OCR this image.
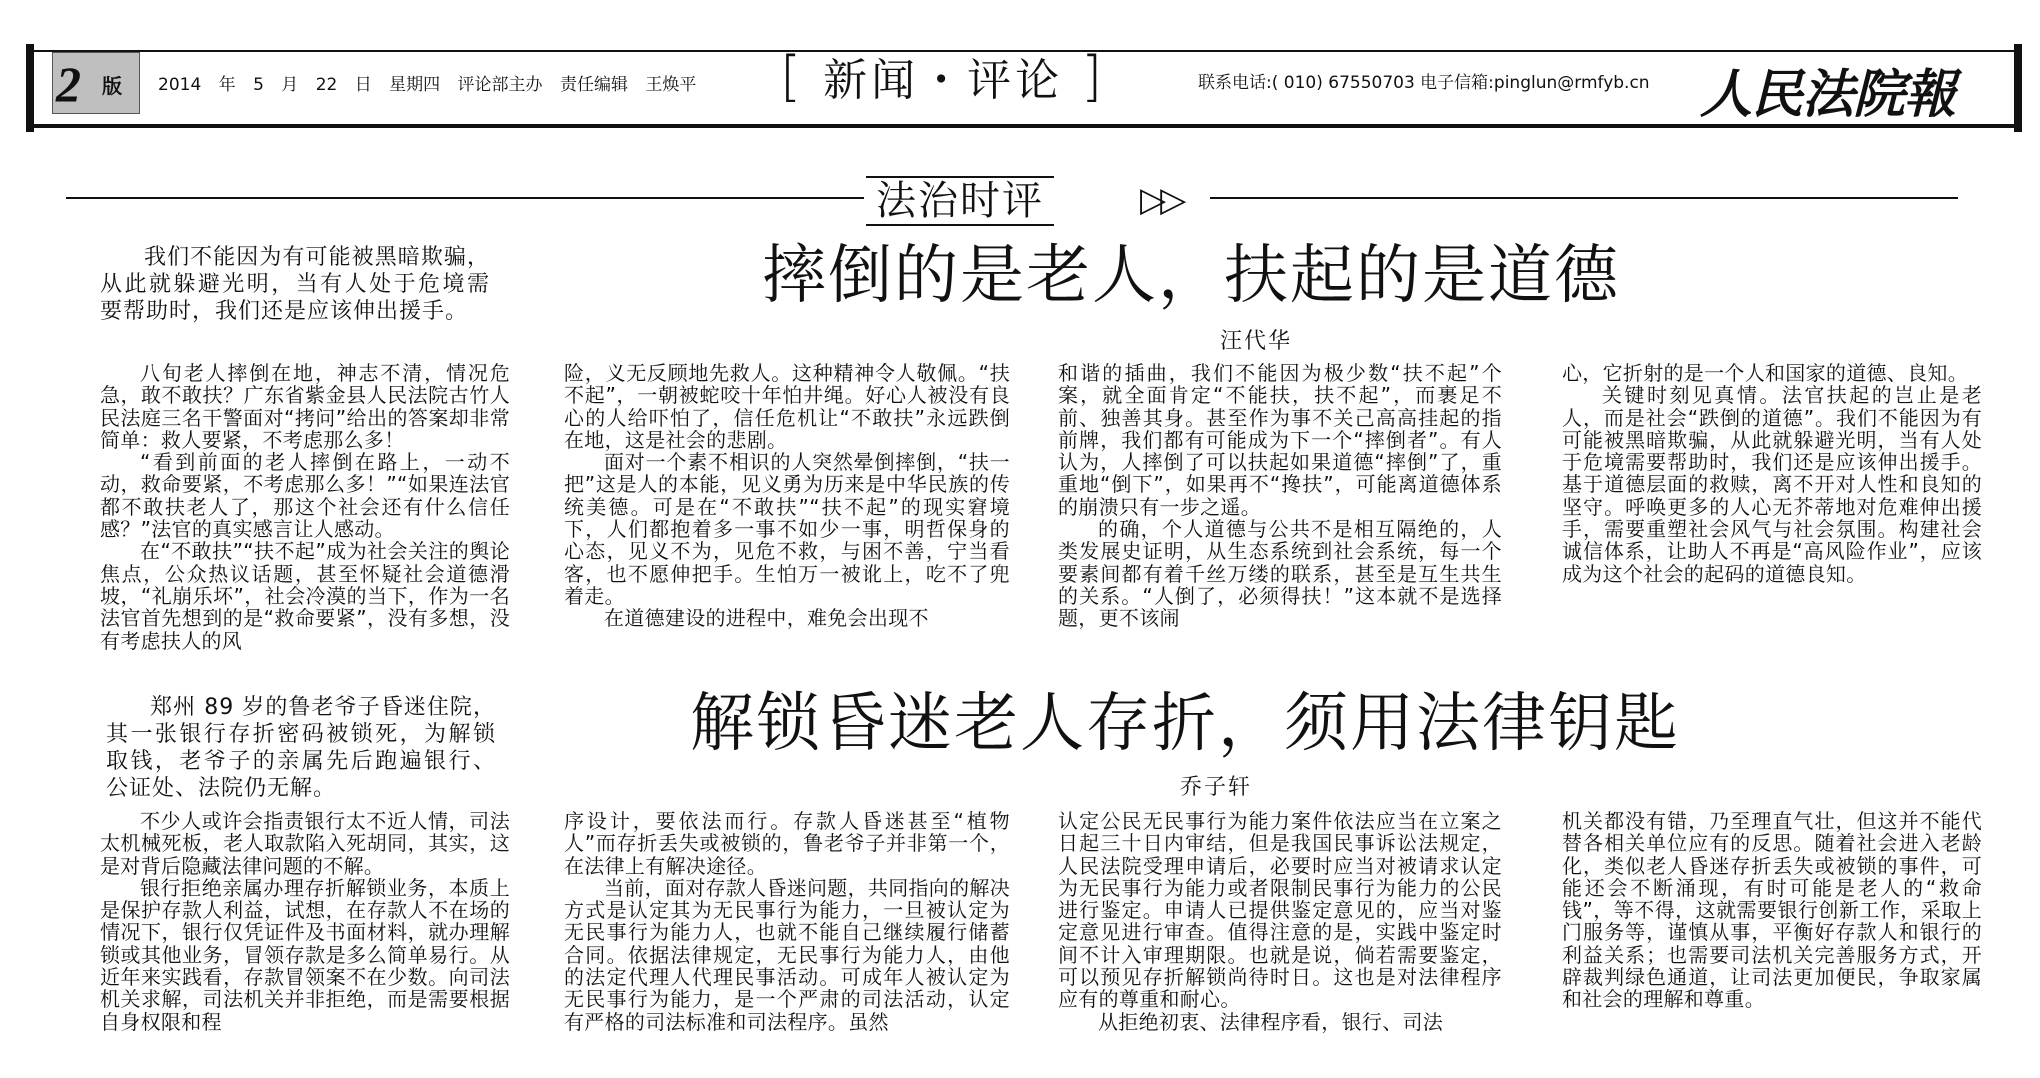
2 版 2014 年 5 月 22 日 星期四 评论部主办 责任编辑 王焕平 [ 新闻・评论 ]	联系电话:( 010) 67550703 电子信箱:pinglun@rmfyb.cn 人民法院報
法治时评	▷▷
我们不能因为有可能被黑暗欺骗，从此就躲避光明，当有人处于危境需要帮助时，我们还是应该伸出援手。	摔倒的是老人，扶起的是道德
汪代华

八旬老人摔倒在地，神志不清，情况危急，敢不敢扶？广东省紫金县人民法院古竹人民法庭三名干警面对“拷问”给出的答案却非常简单：救人要紧，不考虑那么多！

“看到前面的老人摔倒在路上，一动不动，救命要紧，不考虑那么多！”“如果连法官都不敢扶老人了，那这个社会还有什么信任感？”法官的真实感言让人感动。

在“不敢扶”“扶不起”成为社会关注的舆论焦点，公众热议话题，甚至怀疑社会道德滑坡，“礼崩乐坏”，社会冷漠的当下，作为一名法官首先想到的是“救命要紧”，没有多想，没有考虑扶人的风

险，义无反顾地先救人。这种精神令人敬佩。“扶不起”，一朝被蛇咬十年怕井绳。好心人被没有良心的人给吓怕了，信任危机让“不敢扶”永远跌倒在地，这是社会的悲剧。

面对一个素不相识的人突然晕倒摔倒，“扶一把”这是人的本能，见义勇为历来是中华民族的传统美德。可是在“不敢扶”“扶不起”的现实窘境下，人们都抱着多一事不如少一事，明哲保身的心态，见义不为，见危不救，与困不善，宁当看客，也不愿伸把手。生怕万一被讹上，吃不了兜着走。

在道德建设的进程中，难免会出现不

和谐的插曲，我们不能因为极少数“扶不起”个案，就全面肯定“不能扶，扶不起”，而裹足不前、独善其身。甚至作为事不关己高高挂起的指前牌，我们都有可能成为下一个“摔倒者”。有人认为，人摔倒了可以扶起如果道德“摔倒”了，重重地“倒下”，如果再不“搀扶”，可能离道德体系的崩溃只有一步之遥。

的确，个人道德与公共不是相互隔绝的，人类发展史证明，从生态系统到社会系统，每一个要素间都有着千丝万缕的联系，甚至是互生共生的关系。“人倒了，必须得扶！”这本就不是选择题，更不该闹

心，它折射的是一个人和国家的道德、良知。

关键时刻见真情。法官扶起的岂止是老人，而是社会“跌倒的道德”。我们不能因为有可能被黑暗欺骗，从此就躲避光明，当有人处于危境需要帮助时，我们还是应该伸出援手。基于道德层面的救赎，离不开对人性和良知的坚守。呼唤更多的人心无芥蒂地对危难伸出援手，需要重塑社会风气与社会氛围。构建社会诚信体系，让助人不再是“高风险作业”，应该成为这个社会的起码的道德良知。

郑州 89 岁的鲁老爷子昏迷住院，其一张银行存折密码被锁死，为解锁取钱，老爷子的亲属先后跑遍银行、公证处、法院仍无解。
解锁昏迷老人存折，须用法律钥匙
乔子轩

不少人或许会指责银行太不近人情，司法太机械死板，老人取款陷入死胡同，其实，这是对背后隐藏法律问题的不解。

银行拒绝亲属办理存折解锁业务，本质上是保护存款人利益，试想，在存款人不在场的情况下，银行仅凭证件及书面材料，就办理解锁或其他业务，冒领存款是多么简单易行。从近年来实践看，存款冒领案不在少数。向司法机关求解，司法机关并非拒绝，而是需要根据自身权限和程

序设计，要依法而行。存款人昏迷甚至“植物人”而存折丢失或被锁的，鲁老爷子并非第一个，在法律上有解决途径。

当前，面对存款人昏迷问题，共同指向的解决方式是认定其为无民事行为能力，一旦被认定为无民事行为能力人，也就不能自己继续履行储蓄合同。依据法律规定，无民事行为能力人，由他的法定代理人代理民事活动。可成年人被认定为无民事行为能力，是一个严肃的司法活动，认定有严格的司法标准和司法程序。虽然

认定公民无民事行为能力案件依法应当在立案之日起三十日内审结，但是我国民事诉讼法规定，人民法院受理申请后，必要时应当对被请求认定为无民事行为能力或者限制民事行为能力的公民进行鉴定。申请人已提供鉴定意见的，应当对鉴定意见进行审查。值得注意的是，实践中鉴定时间不计入审理期限。也就是说，倘若需要鉴定，可以预见存折解锁尚待时日。这也是对法律程序应有的尊重和耐心。

从拒绝初衷、法律程序看，银行、司法

机关都没有错，乃至理直气壮，但这并不能代替各相关单位应有的反思。随着社会进入老龄化，类似老人昏迷存折丢失或被锁的事件，可能还会不断涌现，有时可能是老人的“救命钱”，等不得，这就需要银行创新工作，采取上门服务等，谨慎从事，平衡好存款人和银行的利益关系；也需要司法机关完善服务方式，开辟裁判绿色通道，让司法更加便民，争取家属和社会的理解和尊重。
